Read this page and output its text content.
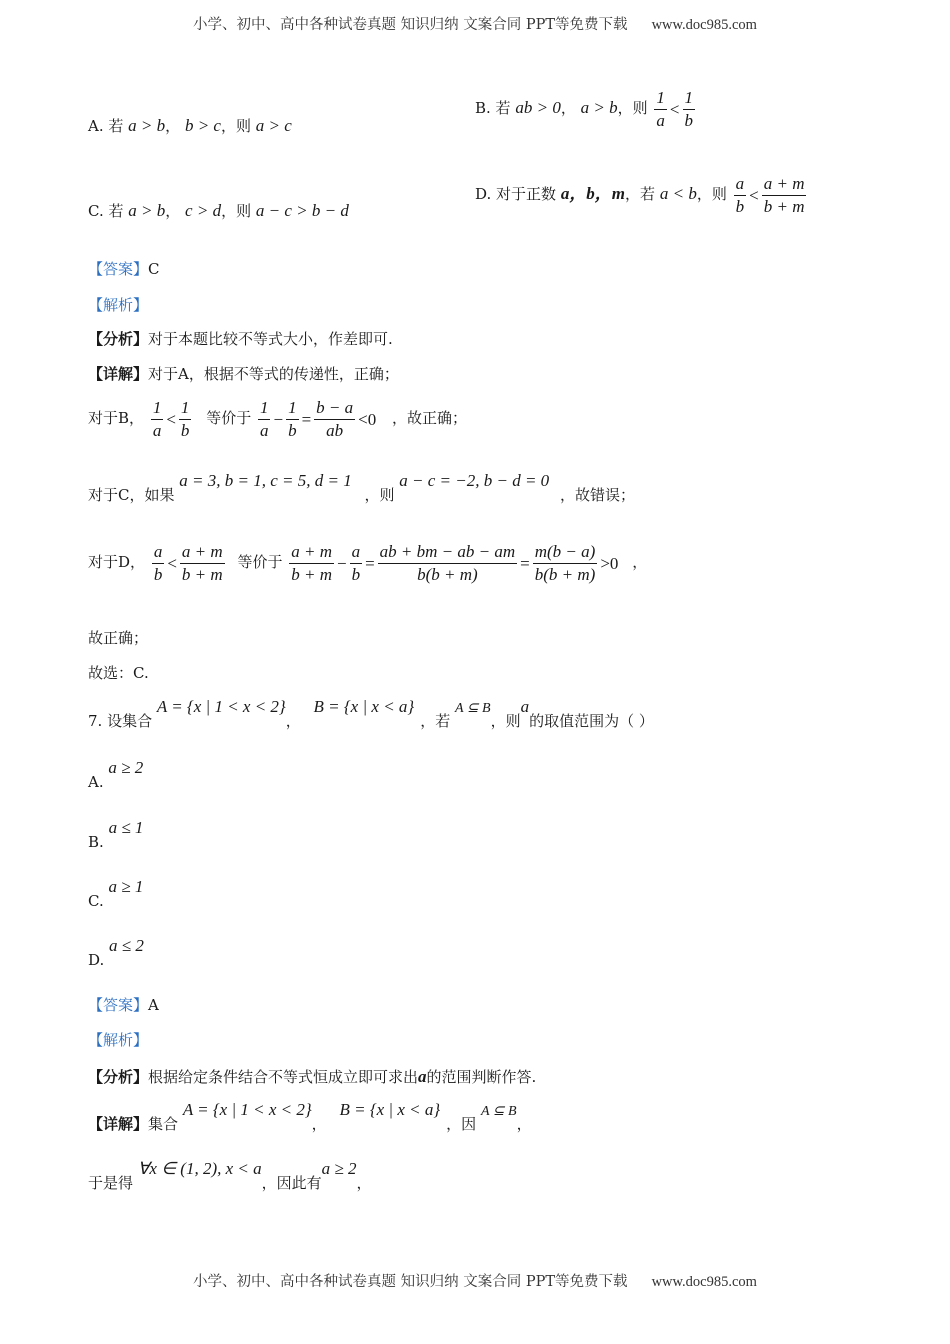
小学、初中、高中各种试卷真题 知识归纳 文案合同 PPT等免费下载 www.doc985.com
小学、初中、高中各种试卷真题 知识归纳 文案合同 PPT等免费下载 www.doc985.com
A. 若 a > b， b > c，则 a > c
B. 若 ab > 0， a > b，则 $\frac{1}{a} < \frac{1}{b}$
C. 若 a > b， c > d，则 a − c > b − d
D. 对于正数 a，b，m，若 a < b，则 $\frac{a}{b} < \frac{a + m}{b + m}$
【答案】C
【解析】
【分析】对于本题比较不等式大小，作差即可.
【详解】对于A，根据不等式的传递性，正确；
对于B， $\frac{1}{a} < \frac{1}{b}$ 等价于 $\frac{1}{a} - \frac{1}{b} = \frac{b - a}{ab} <0$ ，故正确；
对于C，如果 a = 3, b = 1, c = 5, d = 1 ，则 a − c = −2, b − d = 0 ，故错误；
对于D， $\frac{a}{b} < \frac{a + m}{b + m}$ 等价于 $\frac{a + m}{b + m} - \frac{a}{b} = \frac{ab + bm - ab - am}{b(b + m)} = \frac{m(b - a)}{b(b + m)} >0$ ，
故正确；
故选：C.
7. 设集合 A = {x | 1 < x < 2}， B = {x | x < a}，若 A ⊆ B，则a的取值范围为（ ）
A. a ≥ 2
B. a ≤ 1
C. a ≥ 1
D. a ≤ 2
【答案】A
【解析】
【分析】根据给定条件结合不等式恒成立即可求出a的范围判断作答.
【详解】集合 A = {x | 1 < x < 2}， B = {x | x < a}，因 A ⊆ B，
于是得 ∀x ∈ (1, 2), x < a，因此有a ≥ 2，
